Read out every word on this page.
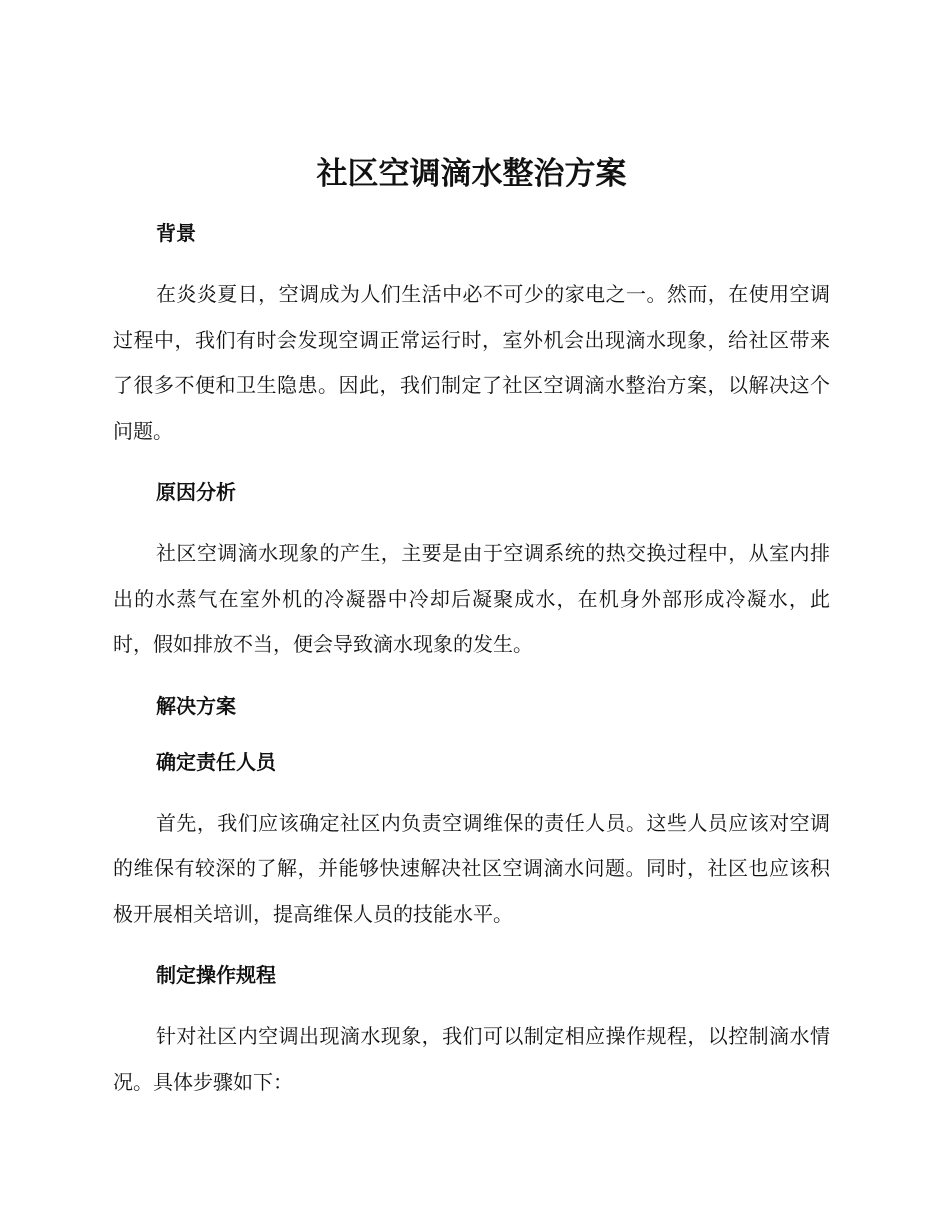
社区空调滴水整治方案
背景

在炎炎夏日，空调成为人们生活中必不可少的家电之一。然而，在使用空调过程中，我们有时会发现空调正常运行时，室外机会出现滴水现象，给社区带来了很多不便和卫生隐患。因此，我们制定了社区空调滴水整治方案，以解决这个问题。

原因分析

社区空调滴水现象的产生，主要是由于空调系统的热交换过程中，从室内排出的水蒸气在室外机的冷凝器中冷却后凝聚成水，在机身外部形成冷凝水，此时，假如排放不当，便会导致滴水现象的发生。

解决方案
确定责任人员

首先，我们应该确定社区内负责空调维保的责任人员。这些人员应该对空调的维保有较深的了解，并能够快速解决社区空调滴水问题。同时，社区也应该积极开展相关培训，提高维保人员的技能水平。

制定操作规程

针对社区内空调出现滴水现象，我们可以制定相应操作规程，以控制滴水情况。具体步骤如下：
